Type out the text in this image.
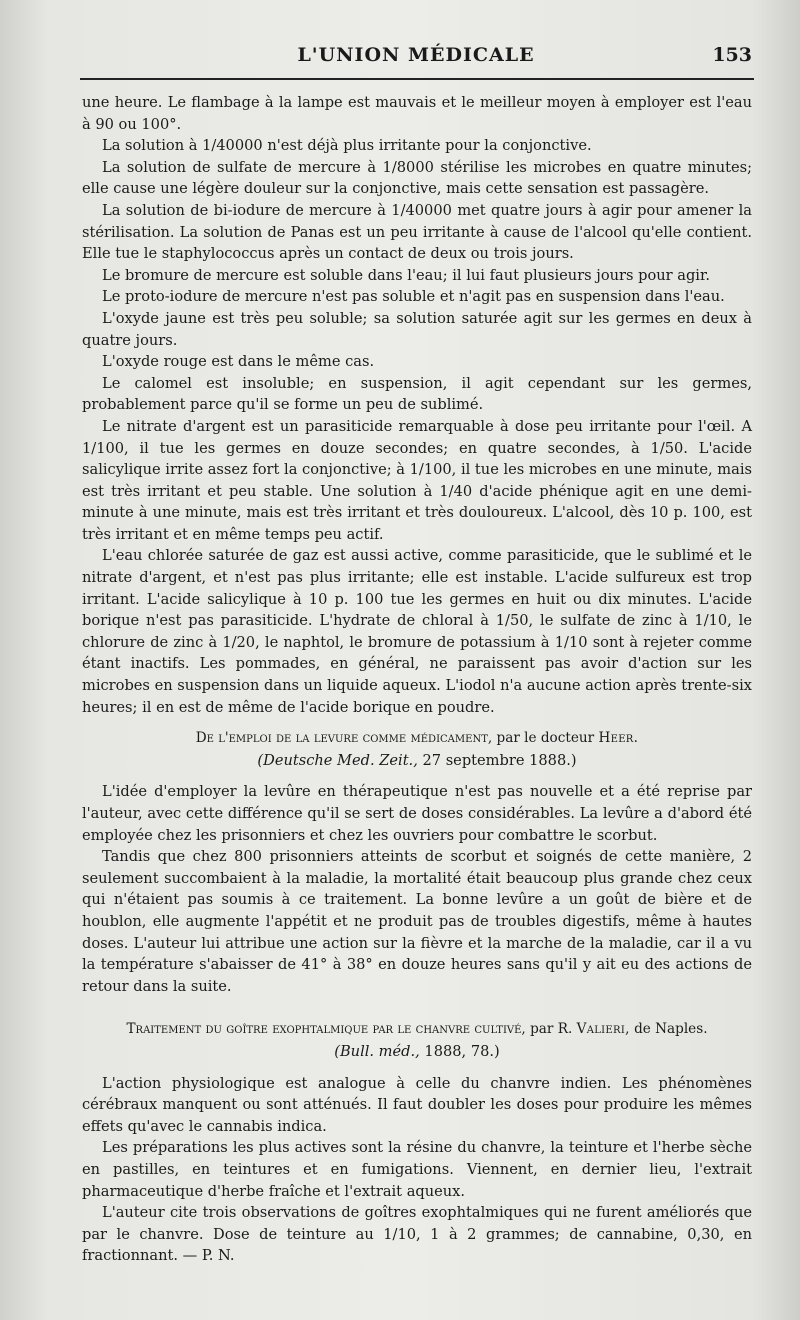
L'UNION MÉDICALE	153

une heure. Le flambage à la lampe est mauvais et le meilleur moyen à employer est l'eau à 90 ou 100°.

La solution à 1/40000 n'est déjà plus irritante pour la conjonctive.

La solution de sulfate de mercure à 1/8000 stérilise les microbes en quatre minutes; elle cause une légère douleur sur la conjonctive, mais cette sensation est passagère.

La solution de bi-iodure de mercure à 1/40000 met quatre jours à agir pour amener la stérilisation. La solution de Panas est un peu irritante à cause de l'alcool qu'elle contient. Elle tue le staphylococcus après un contact de deux ou trois jours.

Le bromure de mercure est soluble dans l'eau; il lui faut plusieurs jours pour agir.

Le proto-iodure de mercure n'est pas soluble et n'agit pas en suspension dans l'eau.

L'oxyde jaune est très peu soluble; sa solution saturée agit sur les germes en deux à quatre jours.

L'oxyde rouge est dans le même cas.

Le calomel est insoluble; en suspension, il agit cependant sur les germes, probablement parce qu'il se forme un peu de sublimé.

Le nitrate d'argent est un parasiticide remarquable à dose peu irritante pour l'œil. A 1/100, il tue les germes en douze secondes; en quatre secondes, à 1/50. L'acide salicylique irrite assez fort la conjonctive; à 1/100, il tue les microbes en une minute, mais est très irritant et peu stable. Une solution à 1/40 d'acide phénique agit en une demi-minute à une minute, mais est très irritant et très douloureux. L'alcool, dès 10 p. 100, est très irritant et en même temps peu actif.

L'eau chlorée saturée de gaz est aussi active, comme parasiticide, que le sublimé et le nitrate d'argent, et n'est pas plus irritante; elle est instable. L'acide sulfureux est trop irritant. L'acide salicylique à 10 p. 100 tue les germes en huit ou dix minutes. L'acide borique n'est pas parasiticide. L'hydrate de chloral à 1/50, le sulfate de zinc à 1/10, le chlorure de zinc à 1/20, le naphtol, le bromure de potassium à 1/10 sont à rejeter comme étant inactifs. Les pommades, en général, ne paraissent pas avoir d'action sur les microbes en suspension dans un liquide aqueux. L'iodol n'a aucune action après trente-six heures; il en est de même de l'acide borique en poudre.

De l'emploi de la levure comme médicament, par le docteur Heer.
(Deutsche Med. Zeit., 27 septembre 1888.)

L'idée d'employer la levûre en thérapeutique n'est pas nouvelle et a été reprise par l'auteur, avec cette différence qu'il se sert de doses considérables. La levûre a d'abord été employée chez les prisonniers et chez les ouvriers pour combattre le scorbut.

Tandis que chez 800 prisonniers atteints de scorbut et soignés de cette manière, 2 seulement succombaient à la maladie, la mortalité était beaucoup plus grande chez ceux qui n'étaient pas soumis à ce traitement. La bonne levûre a un goût de bière et de houblon, elle augmente l'appétit et ne produit pas de troubles digestifs, même à hautes doses. L'auteur lui attribue une action sur la fièvre et la marche de la maladie, car il a vu la température s'abaisser de 41° à 38° en douze heures sans qu'il y ait eu des actions de retour dans la suite.

Traitement du goître exophtalmique par le chanvre cultivé, par R. Valieri, de Naples.
(Bull. méd., 1888, 78.)

L'action physiologique est analogue à celle du chanvre indien. Les phénomènes cérébraux manquent ou sont atténués. Il faut doubler les doses pour produire les mêmes effets qu'avec le cannabis indica.

Les préparations les plus actives sont la résine du chanvre, la teinture et l'herbe sèche en pastilles, en teintures et en fumigations. Viennent, en dernier lieu, l'extrait pharmaceutique d'herbe fraîche et l'extrait aqueux.

L'auteur cite trois observations de goîtres exophtalmiques qui ne furent améliorés que par le chanvre. Dose de teinture au 1/10, 1 à 2 grammes; de cannabine, 0,30, en fractionnant. — P. N.
